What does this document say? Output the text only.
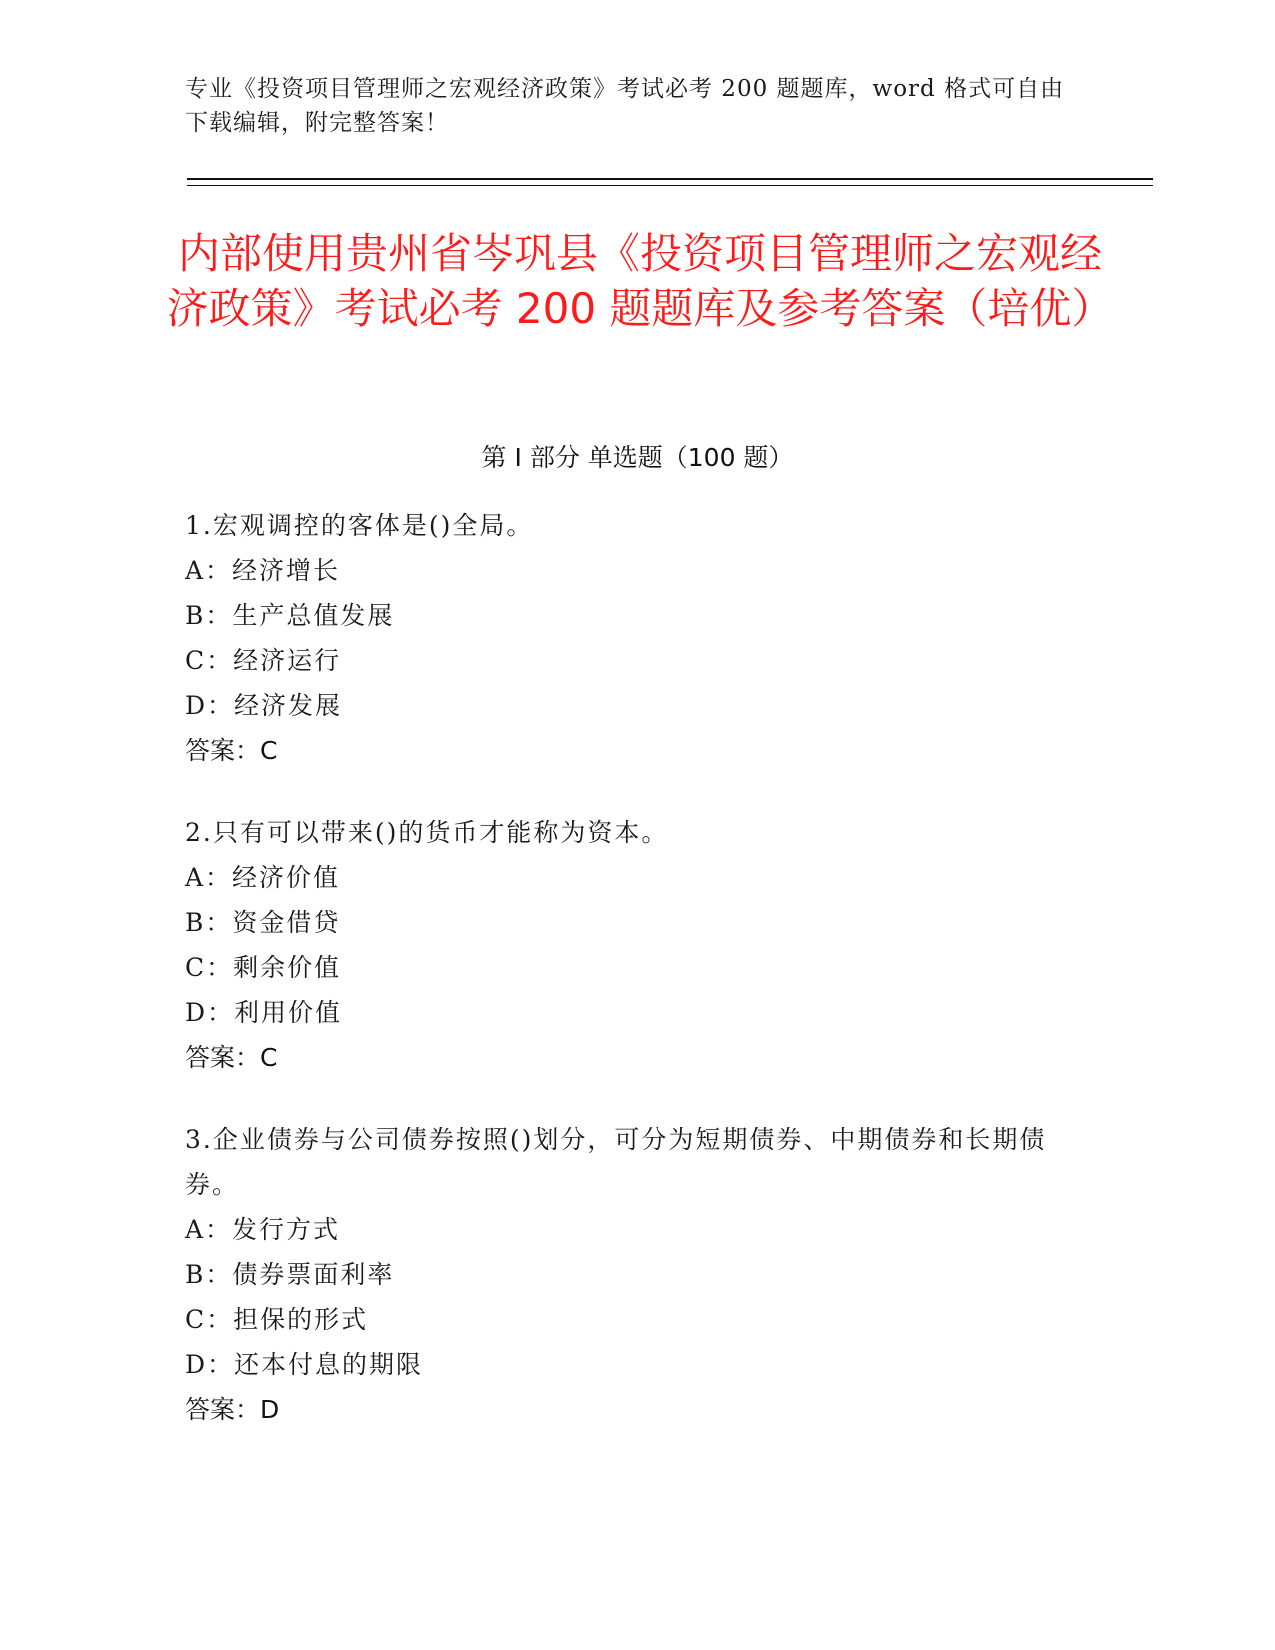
专业《投资项目管理师之宏观经济政策》考试必考 200 题题库，word 格式可自由下载编辑，附完整答案！
内部使用贵州省岑巩县《投资项目管理师之宏观经济政策》考试必考 200 题题库及参考答案（培优）
第 I 部分 单选题（100 题）
1.宏观调控的客体是()全局。
A：经济增长
B：生产总值发展
C：经济运行
D：经济发展
答案：C
2.只有可以带来()的货币才能称为资本。
A：经济价值
B：资金借贷
C：剩余价值
D：利用价值
答案：C
3.企业债券与公司债券按照()划分，可分为短期债券、中期债券和长期债券。
A：发行方式
B：债券票面利率
C：担保的形式
D：还本付息的期限
答案：D
